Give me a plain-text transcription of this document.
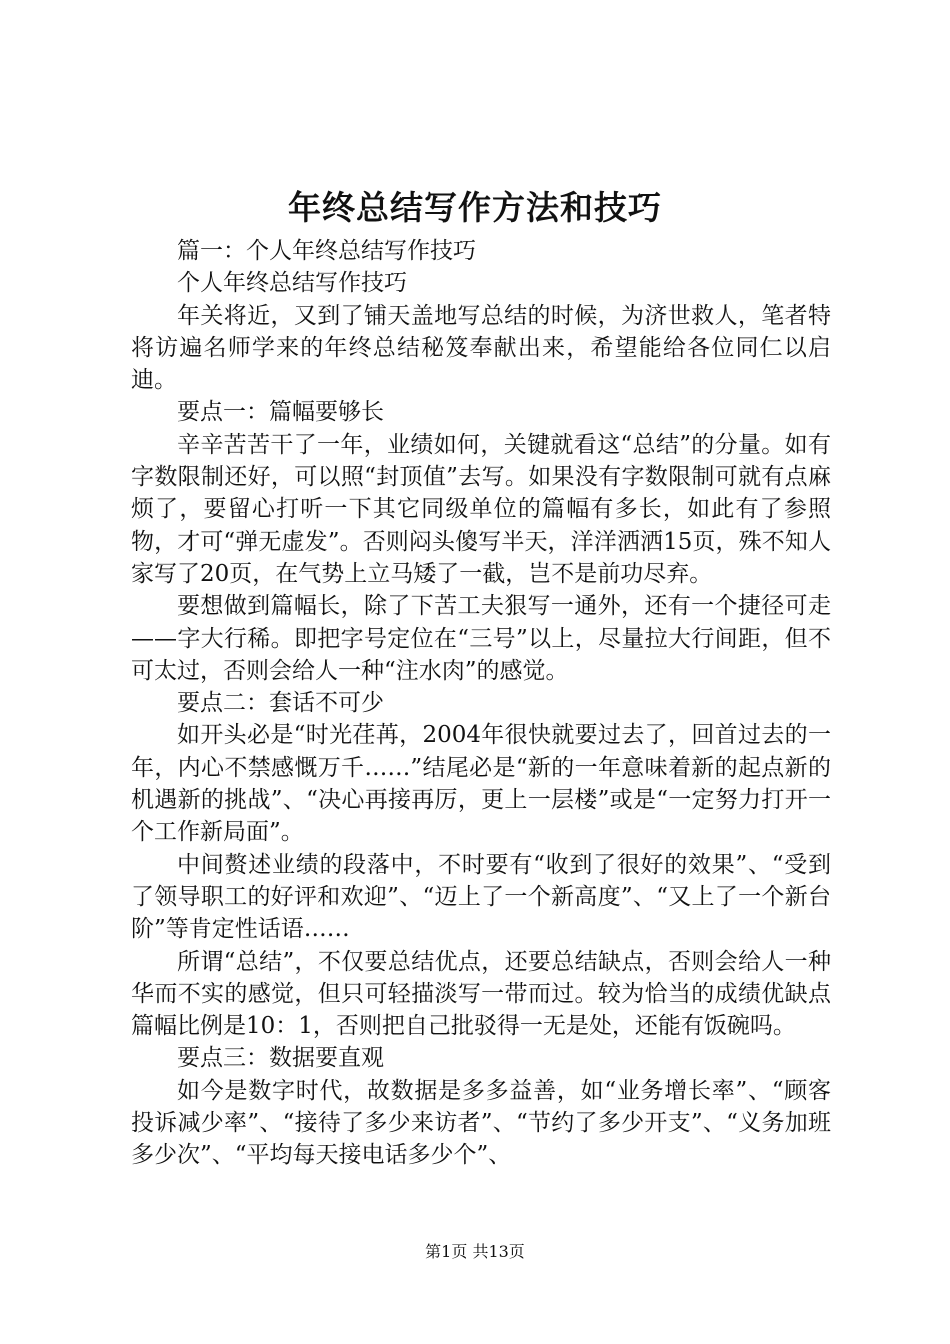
年终总结写作方法和技巧

篇一：个人年终总结写作技巧

个人年终总结写作技巧

年关将近，又到了铺天盖地写总结的时候，为济世救人，笔者特将访遍名师学来的年终总结秘笈奉献出来，希望能给各位同仁以启迪。

要点一：篇幅要够长

辛辛苦苦干了一年，业绩如何，关键就看这“总结”的分量。如有字数限制还好，可以照“封顶值”去写。如果没有字数限制可就有点麻烦了，要留心打听一下其它同级单位的篇幅有多长，如此有了参照物，才可“弹无虚发”。否则闷头傻写半天，洋洋洒洒15页，殊不知人家写了20页，在气势上立马矮了一截，岂不是前功尽弃。

要想做到篇幅长，除了下苦工夫狠写一通外，还有一个捷径可走——字大行稀。即把字号定位在“三号”以上，尽量拉大行间距，但不可太过，否则会给人一种“注水肉”的感觉。

要点二：套话不可少

如开头必是“时光荏苒，2004年很快就要过去了，回首过去的一年，内心不禁感慨万千……”结尾必是“新的一年意味着新的起点新的机遇新的挑战”、“决心再接再厉，更上一层楼”或是“一定努力打开一个工作新局面”。

中间赘述业绩的段落中，不时要有“收到了很好的效果”、“受到了领导职工的好评和欢迎”、“迈上了一个新高度”、“又上了一个新台阶”等肯定性话语……

所谓“总结”，不仅要总结优点，还要总结缺点，否则会给人一种华而不实的感觉，但只可轻描淡写一带而过。较为恰当的成绩优缺点篇幅比例是10：1，否则把自己批驳得一无是处，还能有饭碗吗。

要点三：数据要直观

如今是数字时代，故数据是多多益善，如“业务增长率”、“顾客投诉减少率”、“接待了多少来访者”、“节约了多少开支”、“义务加班多少次”、“平均每天接电话多少个”、

第1页 共13页
